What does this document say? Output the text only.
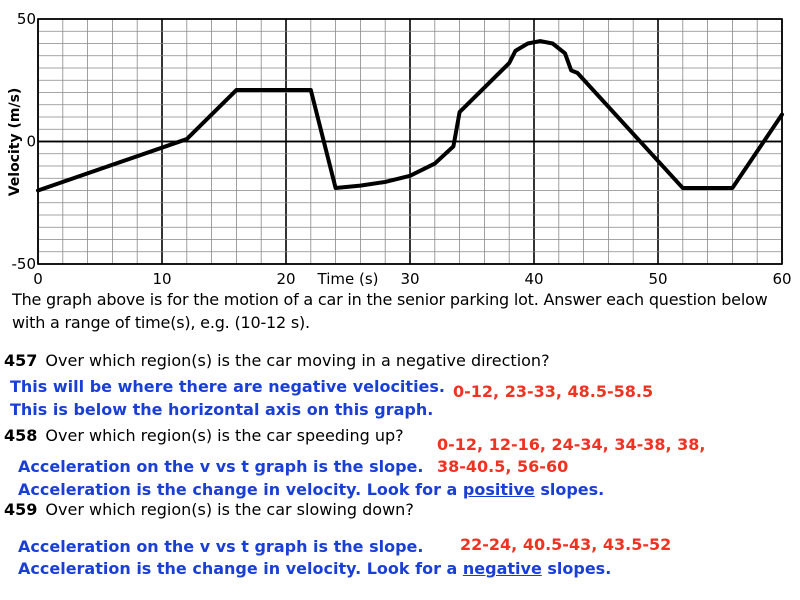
0	10	20	30	40	50	60
50
0
-50
Time (s)
Velocity (m/s)
The graph above is for the motion of a car in the senior parking lot. Answer each question below
with a range of time(s), e.g. (10-12 s).
457 Over which region(s) is the car moving in a negative direction?
This will be where there are negative velocities.
This is below the horizontal axis on this graph.
0-12, 23-33, 48.5-58.5
458 Over which region(s) is the car speeding up? 0-12, 12-16, 24-34, 34-38, 38,
38-40.5, 56-60
Acceleration on the v vs t graph is the slope.
Acceleration is the change in velocity. Look for a positive slopes.
459 Over which region(s) is the car slowing down?
Acceleration on the v vs t graph is the slope. 22-24, 40.5-43, 43.5-52
Acceleration is the change in velocity. Look for a negative slopes.
